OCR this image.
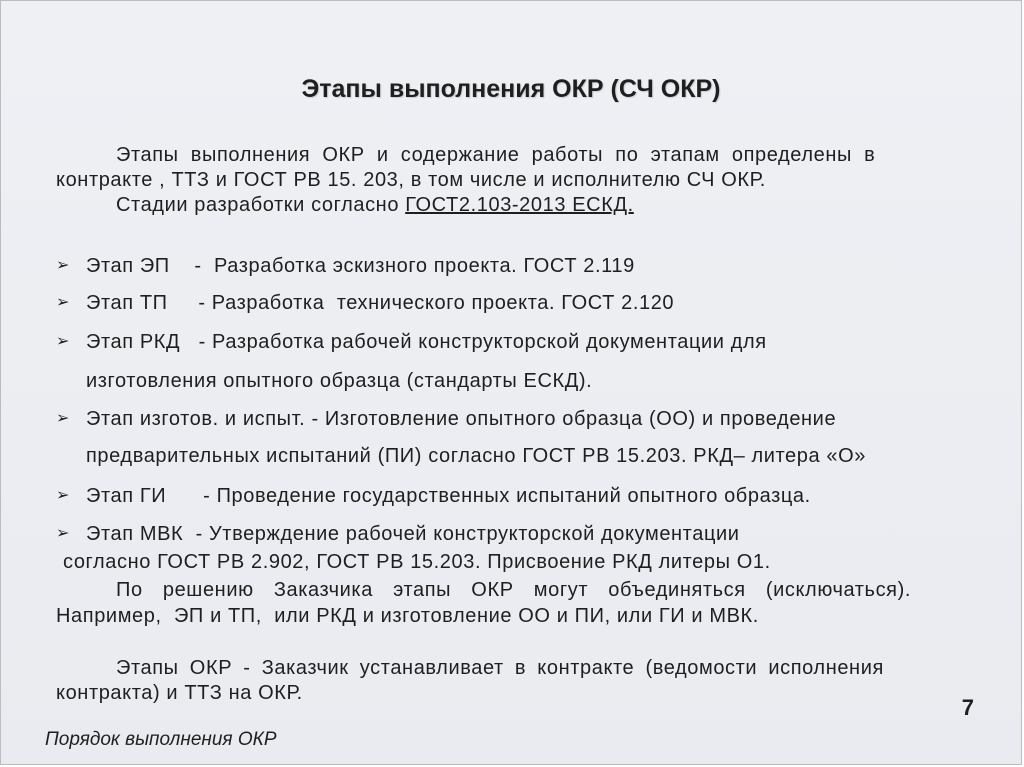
Этапы выполнения ОКР (СЧ ОКР)
Этапы выполнения ОКР и содержание работы по этапам определены в
контракте , ТТЗ и ГОСТ РВ 15. 203, в том числе и исполнителю СЧ ОКР.
Стадии разработки согласно ГОСТ2.103-2013 ЕСКД.
➢ Этап ЭП    -  Разработка эскизного проекта. ГОСТ 2.119
➢ Этап ТП     - Разработка  технического проекта. ГОСТ 2.120
➢ Этап РКД   - Разработка рабочей конструкторской документации для
изготовления опытного образца (стандарты ЕСКД).
➢ Этап изготов. и испыт. - Изготовление опытного образца (ОО) и проведение
предварительных испытаний (ПИ) согласно ГОСТ РВ 15.203. РКД– литера «О»
➢ Этап ГИ      - Проведение государственных испытаний опытного образца.
➢ Этап МВК  - Утверждение рабочей конструкторской документации
согласно ГОСТ РВ 2.902, ГОСТ РВ 15.203. Присвоение РКД литеры О1.
По решению Заказчика этапы ОКР могут объединяться (исключаться).
Например,  ЭП и ТП,  или РКД и изготовление ОО и ПИ, или ГИ и МВК.
Этапы ОКР - Заказчик устанавливает в контракте (ведомости исполнения
контракта) и ТТЗ на ОКР.
7
Порядок выполнения ОКР
